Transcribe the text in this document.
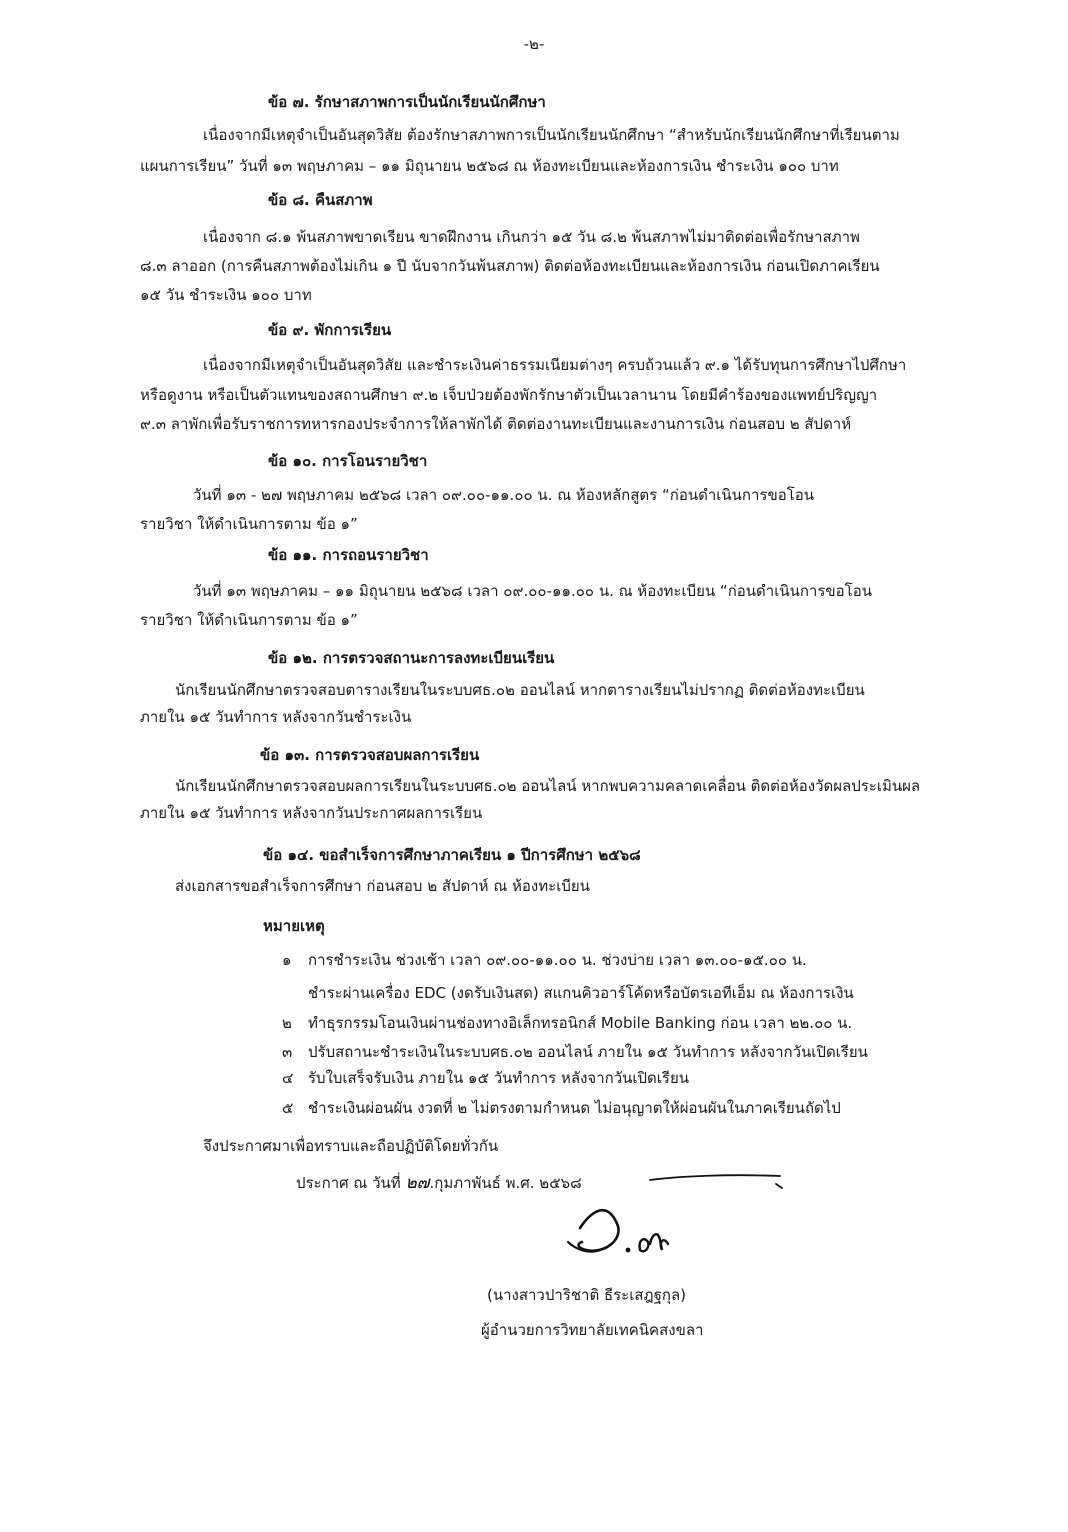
-๒-
ข้อ ๗. รักษาสภาพการเป็นนักเรียนนักศึกษา
เนื่องจากมีเหตุจำเป็นอันสุดวิสัย ต้องรักษาสภาพการเป็นนักเรียนนักศึกษา “สำหรับนักเรียนนักศึกษาที่เรียนตาม
แผนการเรียน” วันที่ ๑๓ พฤษภาคม – ๑๑ มิถุนายน ๒๕๖๘ ณ ห้องทะเบียนและห้องการเงิน ชำระเงิน ๑๐๐ บาท
ข้อ ๘. คืนสภาพ
เนื่องจาก ๘.๑ พ้นสภาพขาดเรียน ขาดฝึกงาน เกินกว่า ๑๕ วัน ๘.๒ พ้นสภาพไม่มาติดต่อเพื่อรักษาสภาพ
๘.๓ ลาออก (การคืนสภาพต้องไม่เกิน ๑ ปี นับจากวันพ้นสภาพ) ติดต่อห้องทะเบียนและห้องการเงิน ก่อนเปิดภาคเรียน
๑๕ วัน ชำระเงิน ๑๐๐ บาท
ข้อ ๙. พักการเรียน
เนื่องจากมีเหตุจำเป็นอันสุดวิสัย และชำระเงินค่าธรรมเนียมต่างๆ ครบถ้วนแล้ว ๙.๑ ได้รับทุนการศึกษาไปศึกษา
หรือดูงาน หรือเป็นตัวแทนของสถานศึกษา ๙.๒ เจ็บป่วยต้องพักรักษาตัวเป็นเวลานาน โดยมีคำร้องของแพทย์ปริญญา
๙.๓ ลาพักเพื่อรับราชการทหารกองประจำการให้ลาพักได้ ติดต่องานทะเบียนและงานการเงิน ก่อนสอบ ๒ สัปดาห์
ข้อ ๑๐. การโอนรายวิชา
วันที่ ๑๓ - ๒๗ พฤษภาคม ๒๕๖๘ เวลา ๐๙.๐๐-๑๑.๐๐ น. ณ ห้องหลักสูตร “ก่อนดำเนินการขอโอน
รายวิชา ให้ดำเนินการตาม ข้อ ๑”
ข้อ ๑๑. การถอนรายวิชา
วันที่ ๑๓ พฤษภาคม – ๑๑ มิถุนายน ๒๕๖๘ เวลา ๐๙.๐๐-๑๑.๐๐ น. ณ ห้องทะเบียน “ก่อนดำเนินการขอโอน
รายวิชา ให้ดำเนินการตาม ข้อ ๑”
ข้อ ๑๒. การตรวจสถานะการลงทะเบียนเรียน
นักเรียนนักศึกษาตรวจสอบตารางเรียนในระบบศธ.๐๒ ออนไลน์ หากตารางเรียนไม่ปรากฏ ติดต่อห้องทะเบียน
ภายใน ๑๕ วันทำการ หลังจากวันชำระเงิน
ข้อ ๑๓. การตรวจสอบผลการเรียน
นักเรียนนักศึกษาตรวจสอบผลการเรียนในระบบศธ.๐๒ ออนไลน์ หากพบความคลาดเคลื่อน ติดต่อห้องวัดผลประเมินผล
ภายใน ๑๕ วันทำการ หลังจากวันประกาศผลการเรียน
ข้อ ๑๔. ขอสำเร็จการศึกษาภาคเรียน ๑ ปีการศึกษา ๒๕๖๘
ส่งเอกสารขอสำเร็จการศึกษา ก่อนสอบ ๒ สัปดาห์ ณ ห้องทะเบียน
หมายเหตุ
๑ การชำระเงิน ช่วงเช้า เวลา ๐๙.๐๐-๑๑.๐๐ น. ช่วงบ่าย เวลา ๑๓.๐๐-๑๕.๐๐ น.
ชำระผ่านเครื่อง EDC (งดรับเงินสด) สแกนคิวอาร์โค้ดหรือบัตรเอทีเอ็ม ณ ห้องการเงิน
๒ ทำธุรกรรมโอนเงินผ่านช่องทางอิเล็กทรอนิกส์ Mobile Banking ก่อน เวลา ๒๒.๐๐ น.
๓ ปรับสถานะชำระเงินในระบบศธ.๐๒ ออนไลน์ ภายใน ๑๕ วันทำการ หลังจากวันเปิดเรียน
๔ รับใบเสร็จรับเงิน ภายใน ๑๕ วันทำการ หลังจากวันเปิดเรียน
๕ ชำระเงินผ่อนผัน งวดที่ ๒ ไม่ตรงตามกำหนด ไม่อนุญาตให้ผ่อนผันในภาคเรียนถัดไป
จึงประกาศมาเพื่อทราบและถือปฏิบัติโดยทั่วกัน
ประกาศ ณ วันที่ ๒๗.กุมภาพันธ์ พ.ศ. ๒๕๖๘
(นางสาวปาริชาติ ธีระเสฎฐกุล)
ผู้อำนวยการวิทยาลัยเทคนิคสงขลา
